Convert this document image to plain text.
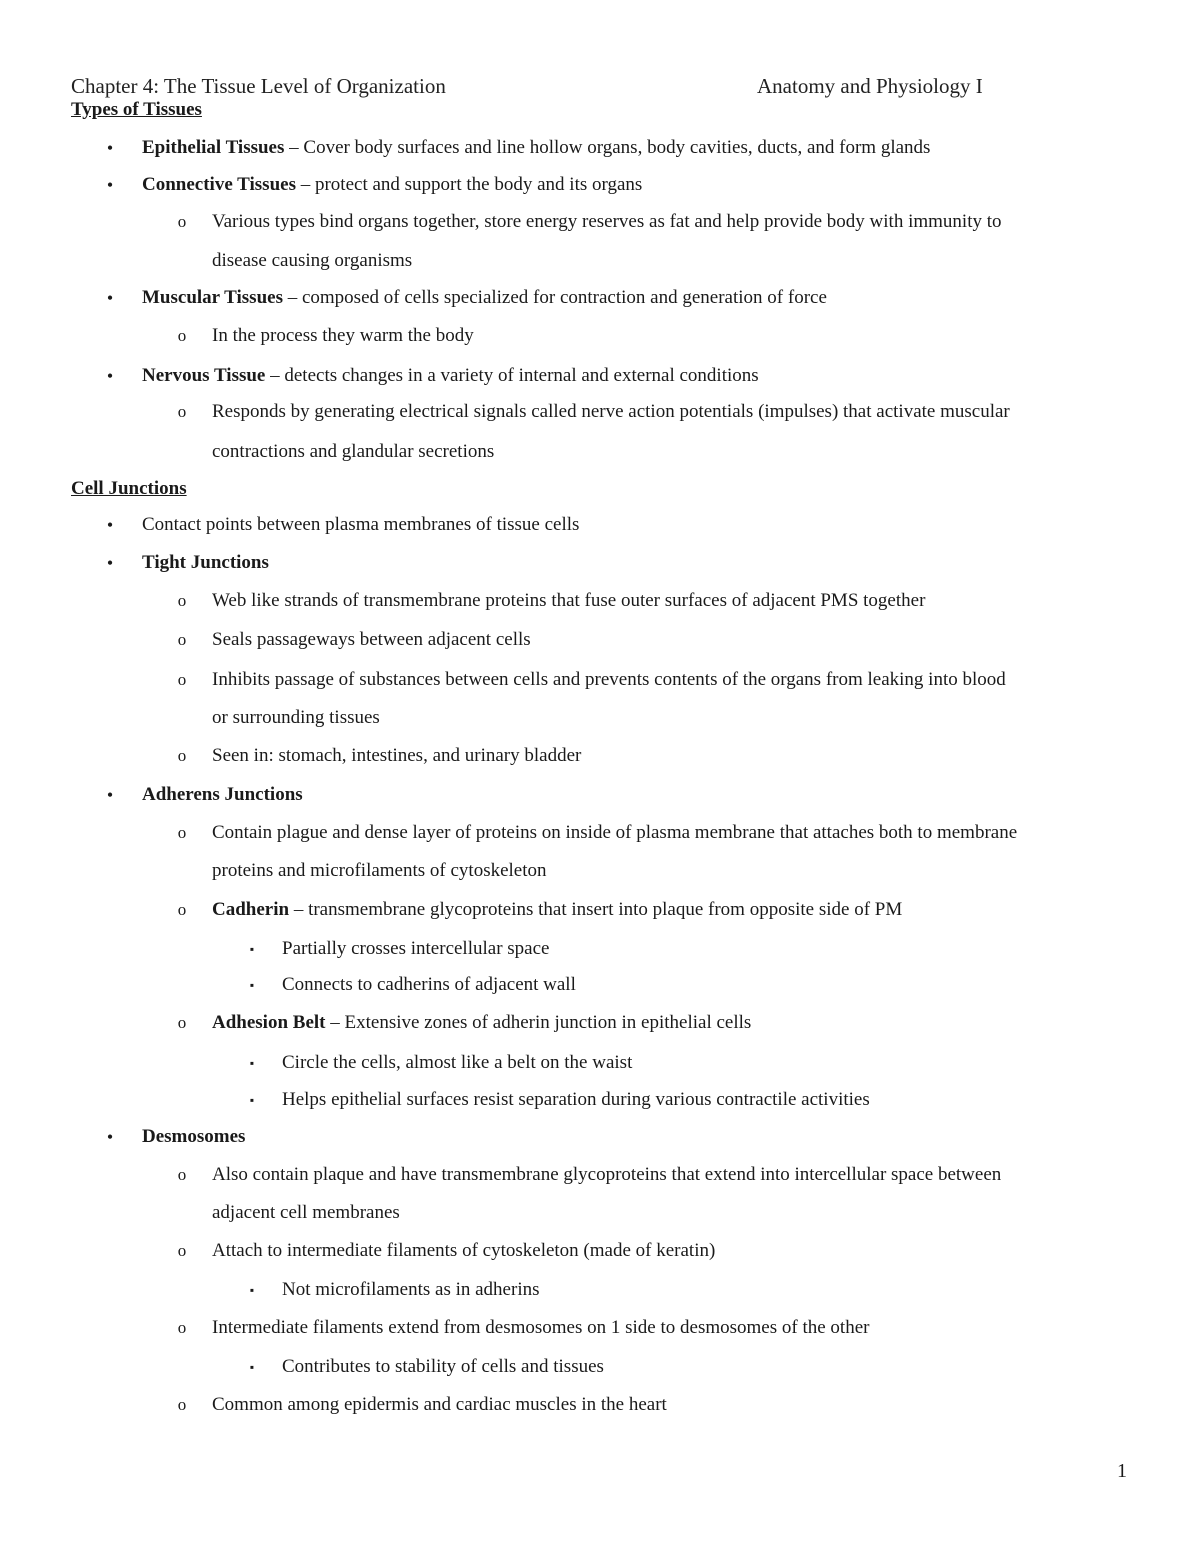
Chapter 4: The Tissue Level of Organization	Anatomy and Physiology I
Types of Tissues
•	Epithelial Tissues – Cover body surfaces and line hollow organs, body cavities, ducts, and form glands
•	Connective Tissues – protect and support the body and its organs
o	Various types bind organs together, store energy reserves as fat and help provide body with immunity to
disease causing organisms
•	Muscular Tissues – composed of cells specialized for contraction and generation of force
o	In the process they warm the body
•	Nervous Tissue – detects changes in a variety of internal and external conditions
o	Responds by generating electrical signals called nerve action potentials (impulses) that activate muscular
contractions and glandular secretions
Cell Junctions
•	Contact points between plasma membranes of tissue cells
•	Tight Junctions
o	Web like strands of transmembrane proteins that fuse outer surfaces of adjacent PMS together
o	Seals passageways between adjacent cells
o	Inhibits passage of substances between cells and prevents contents of the organs from leaking into blood
or surrounding tissues
o	Seen in: stomach, intestines, and urinary bladder
•	Adherens Junctions
o	Contain plague and dense layer of proteins on inside of plasma membrane that attaches both to membrane
proteins and microfilaments of cytoskeleton
o	Cadherin – transmembrane glycoproteins that insert into plaque from opposite side of PM
▪	Partially crosses intercellular space
▪	Connects to cadherins of adjacent wall
o	Adhesion Belt – Extensive zones of adherin junction in epithelial cells
▪	Circle the cells, almost like a belt on the waist
▪	Helps epithelial surfaces resist separation during various contractile activities
•	Desmosomes
o	Also contain plaque and have transmembrane glycoproteins that extend into intercellular space between
adjacent cell membranes
o	Attach to intermediate filaments of cytoskeleton (made of keratin)
▪	Not microfilaments as in adherins
o	Intermediate filaments extend from desmosomes on 1 side to desmosomes of the other
▪	Contributes to stability of cells and tissues
o	Common among epidermis and cardiac muscles in the heart
1
